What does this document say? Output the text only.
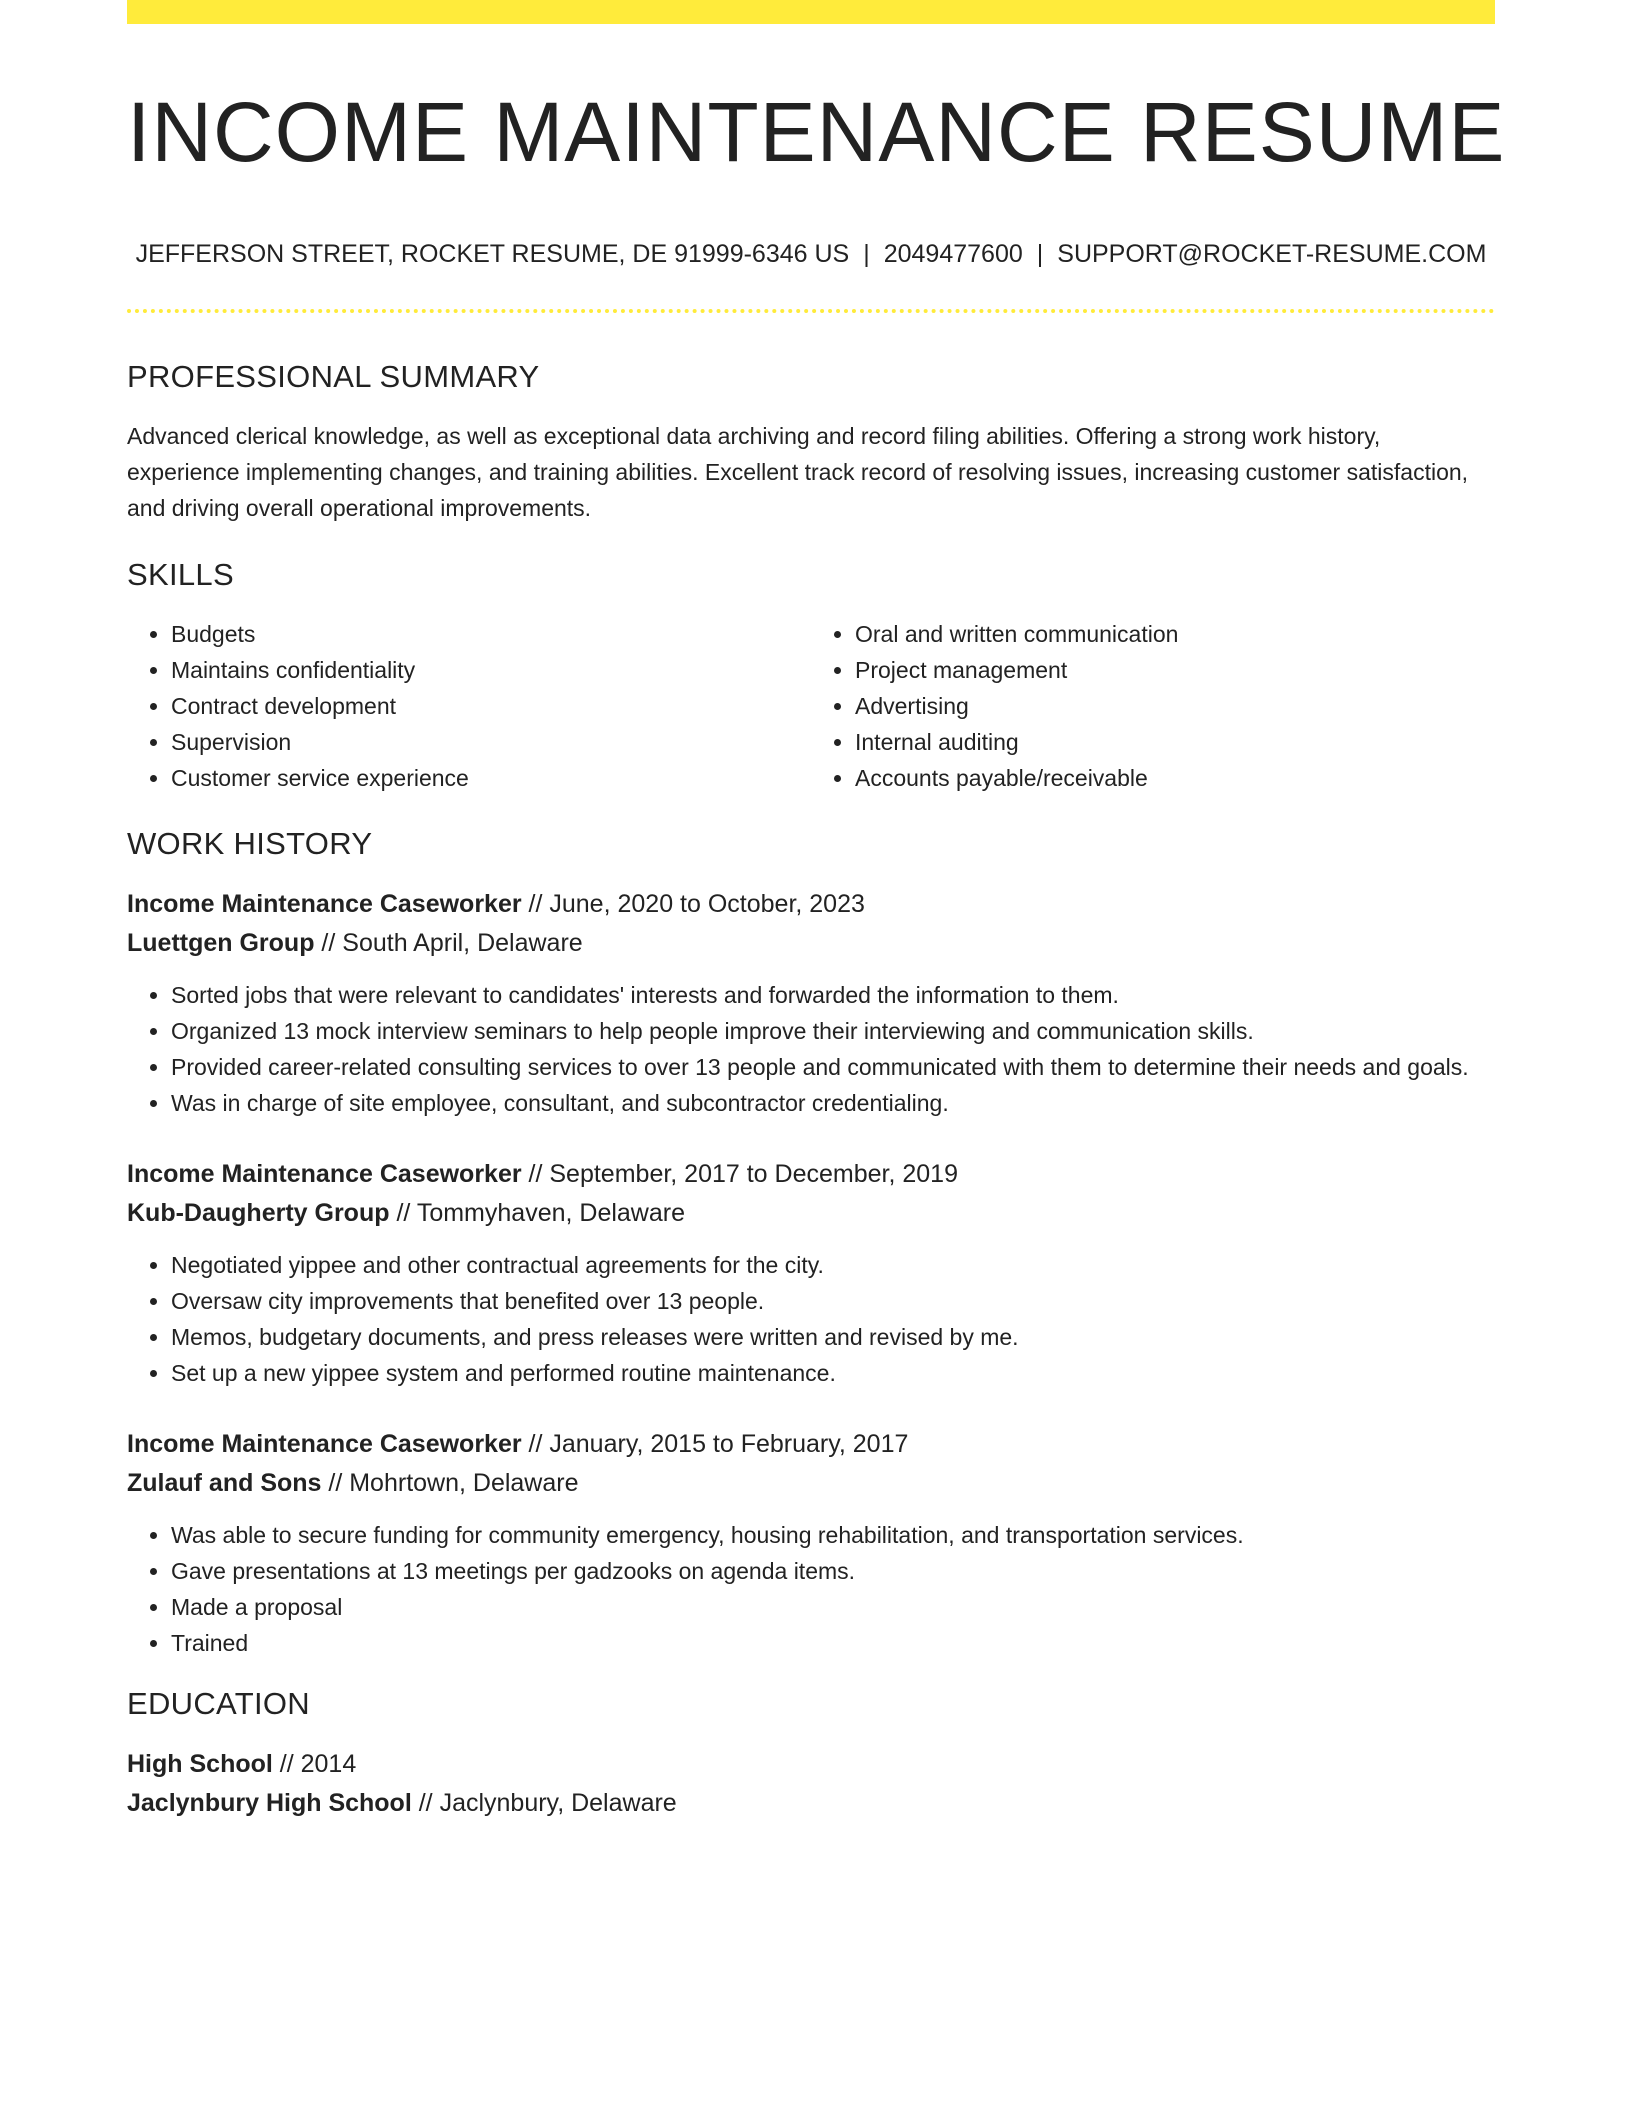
INCOME MAINTENANCE RESUME
JEFFERSON STREET, ROCKET RESUME, DE 91999-6346 US | 2049477600 | SUPPORT@ROCKET-RESUME.COM
PROFESSIONAL SUMMARY

Advanced clerical knowledge, as well as exceptional data archiving and record filing abilities. Offering a strong work history, experience implementing changes, and training abilities. Excellent track record of resolving issues, increasing customer satisfaction, and driving overall operational improvements.

SKILLS
• Budgets
• Maintains confidentiality
• Contract development
• Supervision
• Customer service experience
• Oral and written communication
• Project management
• Advertising
• Internal auditing
• Accounts payable/receivable
WORK HISTORY
Income Maintenance Caseworker // June, 2020 to October, 2023
Luettgen Group // South April, Delaware
• Sorted jobs that were relevant to candidates' interests and forwarded the information to them.
• Organized 13 mock interview seminars to help people improve their interviewing and communication skills.
• Provided career-related consulting services to over 13 people and communicated with them to determine their needs and goals.
• Was in charge of site employee, consultant, and subcontractor credentialing.
Income Maintenance Caseworker // September, 2017 to December, 2019
Kub-Daugherty Group // Tommyhaven, Delaware
• Negotiated yippee and other contractual agreements for the city.
• Oversaw city improvements that benefited over 13 people.
• Memos, budgetary documents, and press releases were written and revised by me.
• Set up a new yippee system and performed routine maintenance.
Income Maintenance Caseworker // January, 2015 to February, 2017
Zulauf and Sons // Mohrtown, Delaware
• Was able to secure funding for community emergency, housing rehabilitation, and transportation services.
• Gave presentations at 13 meetings per gadzooks on agenda items.
• Made a proposal
• Trained
EDUCATION
High School // 2014
Jaclynbury High School // Jaclynbury, Delaware
